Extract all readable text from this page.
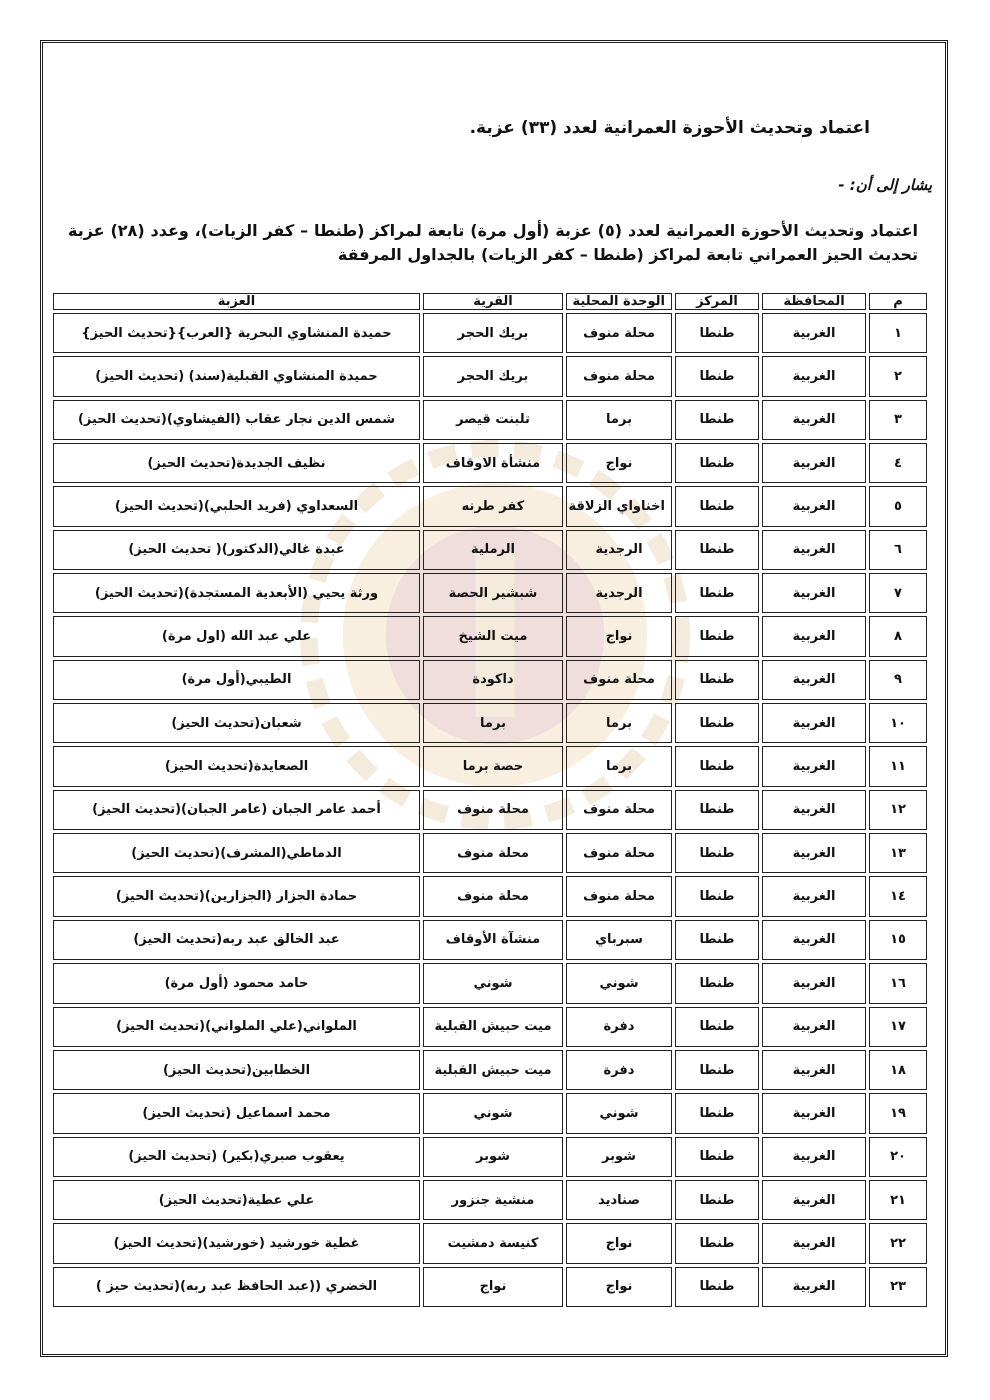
اعتماد وتحديث الأحوزة العمرانية لعدد (٣٣) عزبة.
يشار إلى أن: -
اعتماد وتحديث الأحوزة العمرانية لعدد (٥) عزبة (أول مرة) تابعة لمراكز (طنطا – كفر الزيات)، وعدد (٢٨) عزبة تحديث الحيز العمراني تابعة لمراكز (طنطا – كفر الزيات) بالجداول المرفقة
م	المحافظة	المركز	الوحدة المحلية	القرية	العزبة
١	الغربية	طنطا	محلة منوف	بريك الحجر	حميدة المنشاوي البحرية {العرب}{تحديث الحيز}
٢	الغربية	طنطا	محلة منوف	بريك الحجر	حميدة المنشاوي القبلية(سند) (تحديث الحيز)
٣	الغربية	طنطا	برما	تلبنت قيصر	شمس الدين نجار عقاب (الفيشاوي)(تحديث الحيز)
٤	الغربية	طنطا	نواج	منشأة الاوقاف	نظيف الجديدة(تحديث الحيز)
٥	الغربية	طنطا	اخناواي الزلاقة	كفر طرنه	السعداوي (فريد الحلبي)(تحديث الحيز)
٦	الغربية	طنطا	الرجدية	الرملية	عبدة غالي(الدكتور)( تحديث الحيز)
٧	الغربية	طنطا	الرجدية	شبشير الحصة	ورثة يحيي (الأبعدية المستجدة)(تحديث الحيز)
٨	الغربية	طنطا	نواج	ميت الشيخ	علي عبد الله (اول مرة)
٩	الغربية	طنطا	محلة منوف	داكودة	الطيبي(أول مرة)
١٠	الغربية	طنطا	برما	برما	شعبان(تحديث الحيز)
١١	الغربية	طنطا	برما	حصة برما	الصعايدة(تحديث الحيز)
١٢	الغربية	طنطا	محلة منوف	محلة منوف	أحمد عامر الجبان (عامر الجبان)(تحديث الحيز)
١٣	الغربية	طنطا	محلة منوف	محلة منوف	الدماطي(المشرف)(تحديث الحيز)
١٤	الغربية	طنطا	محلة منوف	محلة منوف	حمادة الجزار (الجزارين)(تحديث الحيز)
١٥	الغربية	طنطا	سبرباي	منشآة الأوقاف	عبد الخالق عبد ربه(تحديث الحيز)
١٦	الغربية	طنطا	شوني	شوني	حامد محمود (أول مرة)
١٧	الغربية	طنطا	دفرة	ميت حبيش القبلية	الملواني(علي الملواني)(تحديث الحيز)
١٨	الغربية	طنطا	دفرة	ميت حبيش القبلية	الخطابين(تحديث الحيز)
١٩	الغربية	طنطا	شوني	شوني	محمد اسماعيل (تحديث الحيز)
٢٠	الغربية	طنطا	شوبر	شوبر	يعقوب صبري(بكير) (تحديث الحيز)
٢١	الغربية	طنطا	صناديد	منشية جنزور	علي عطية(تحديث الحيز)
٢٢	الغربية	طنطا	نواج	كنيسة دمشيت	غطية خورشيد (خورشيد)(تحديث الحيز)
٢٣	الغربية	طنطا	نواج	نواج	الخضري ((عبد الحافظ عبد ربه)(تحديث حيز )
